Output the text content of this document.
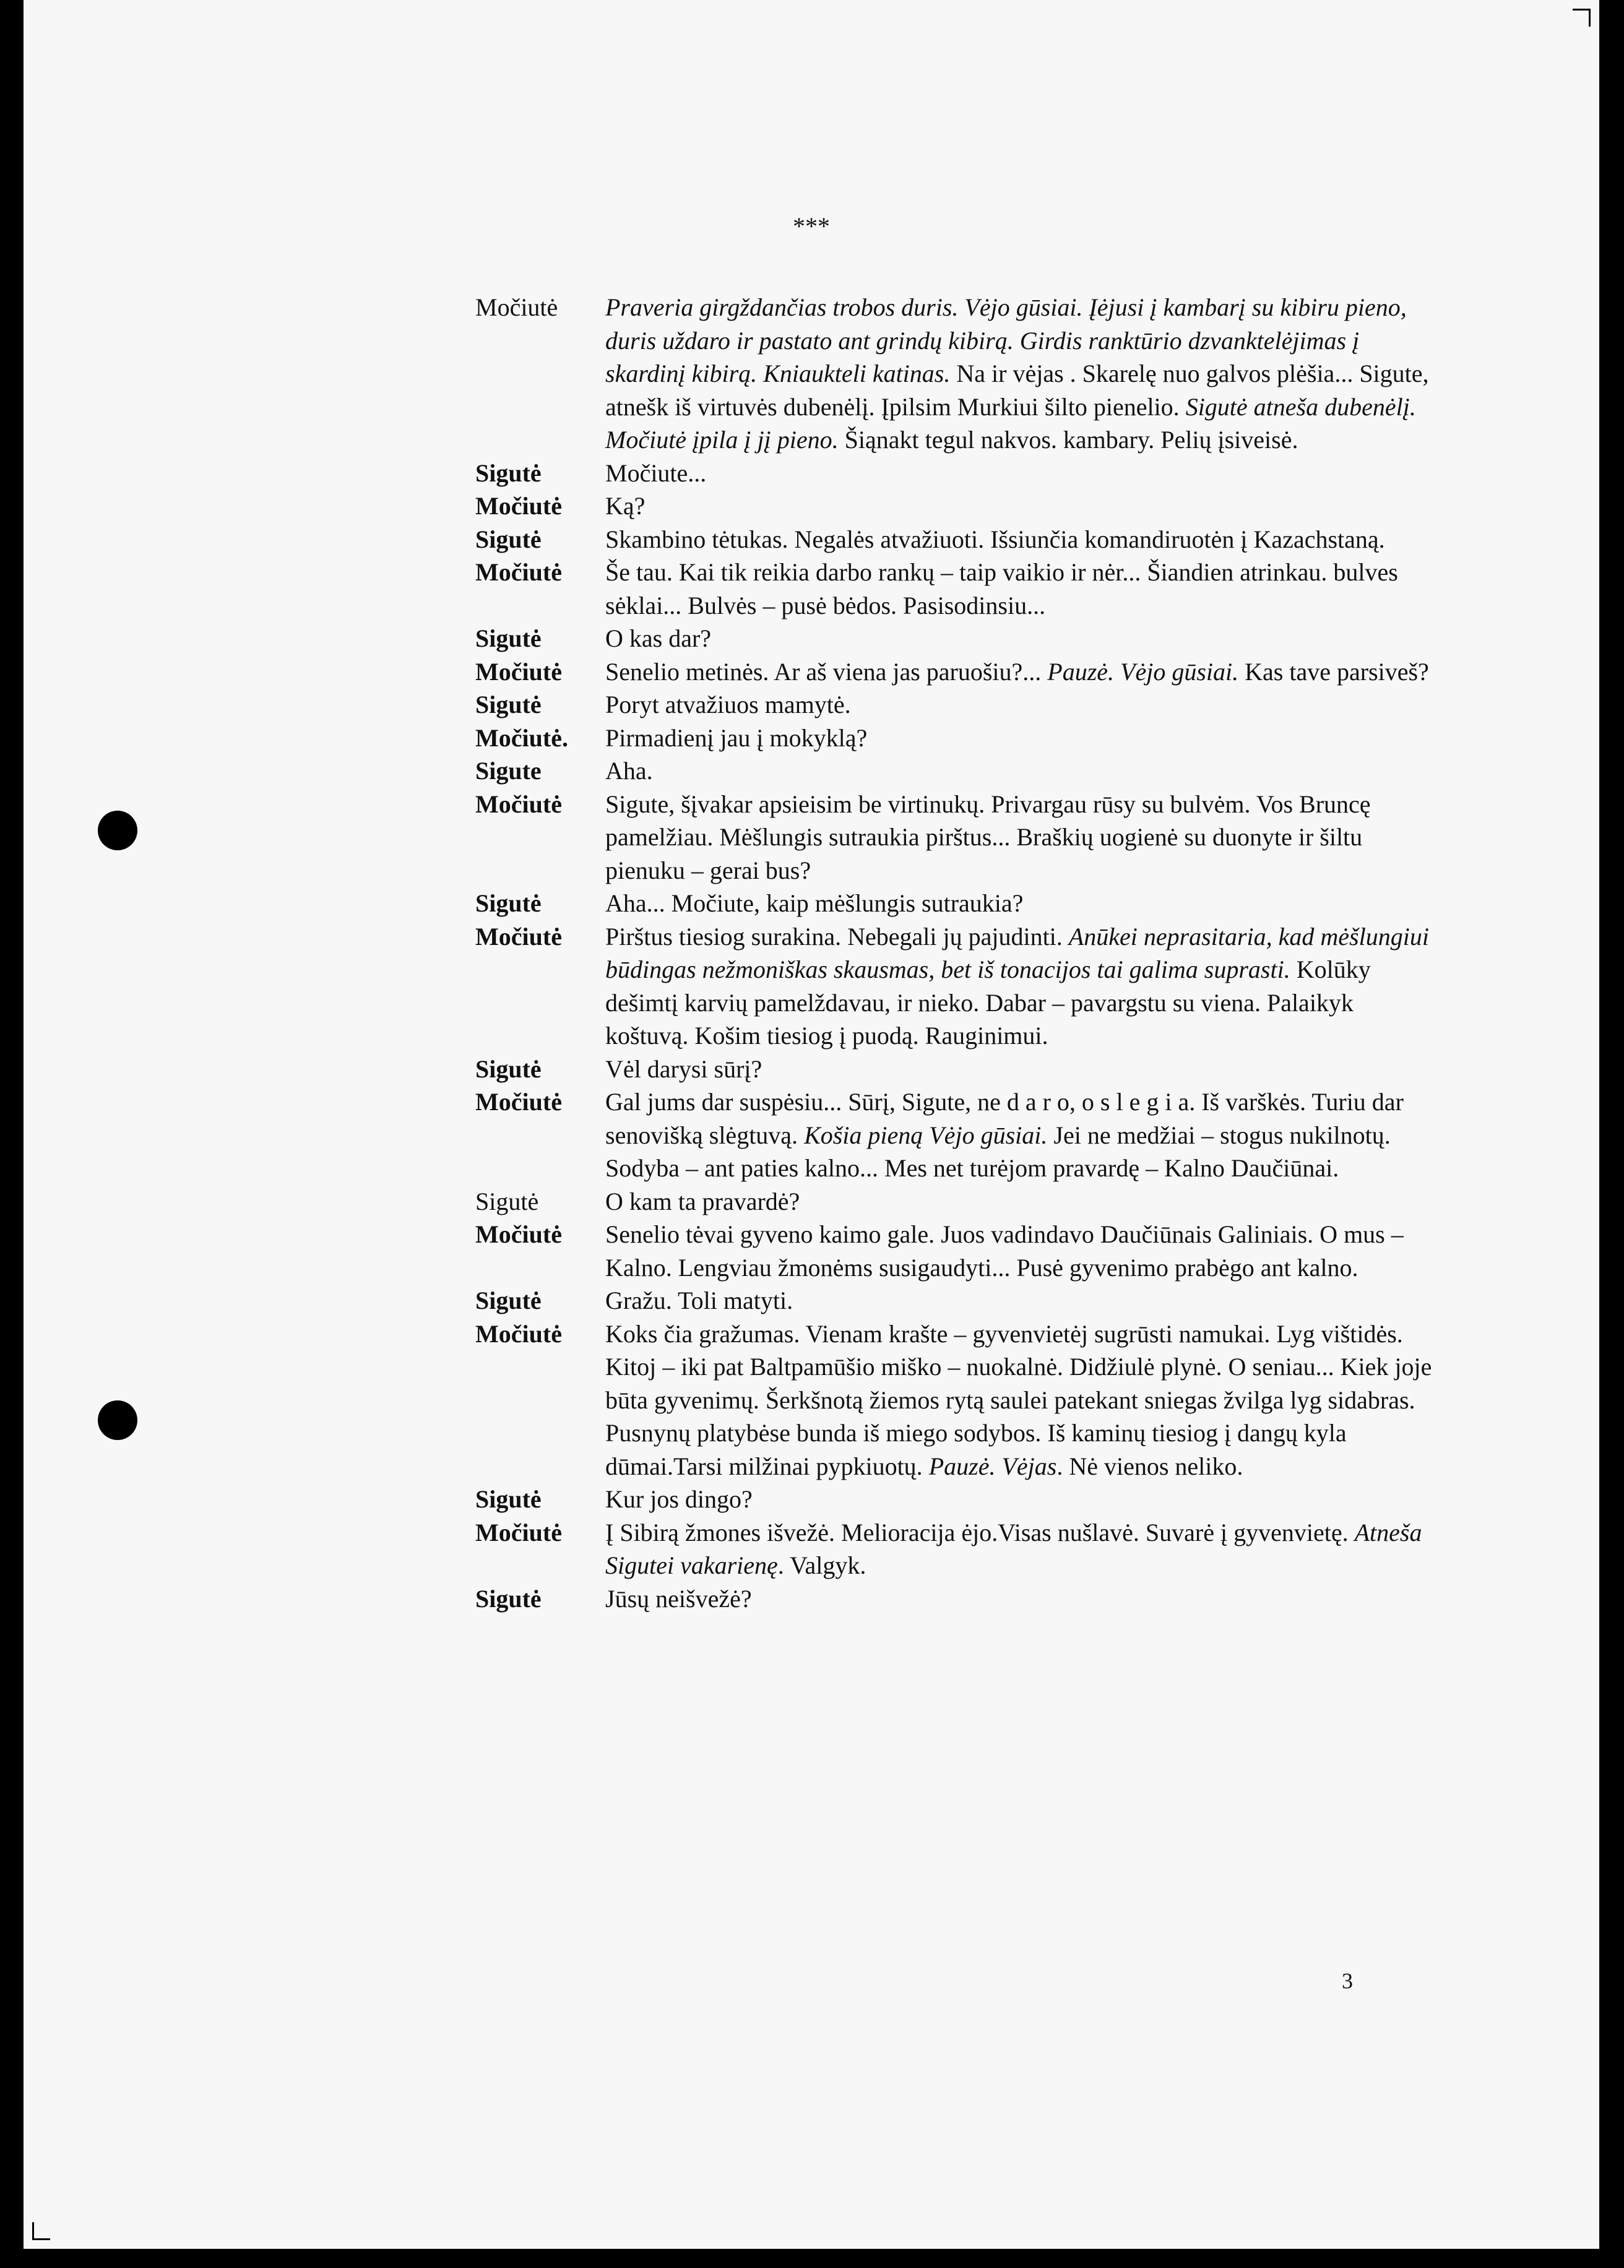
***
Močiutė	Praveria girgždančias trobos duris. Vėjo gūsiai. Įėjusi į kambarį su kibiru pieno, duris uždaro ir pastato ant grindų kibirą. Girdis ranktūrio dzvanktelėjimas į skardinį kibirą. Kniaukteli katinas. Na ir vėjas . Skarelę nuo galvos plėšia... Sigute, atnešk iš virtuvės dubenėlį. Įpilsim Murkiui šilto pienelio. Sigutė atneša dubenėlį. Močiutė įpila į jį pieno. Šiąnakt tegul nakvos. kambary. Pelių įsiveisė.
Sigutė	Močiute...
Močiutė	Ką?
Sigutė	Skambino tėtukas. Negalės atvažiuoti. Išsiunčia komandiruotėn į Kazachstaną.
Močiutė	Še tau. Kai tik reikia darbo rankų – taip vaikio ir nėr... Šiandien atrinkau. bulves sėklai... Bulvės – pusė bėdos. Pasisodinsiu...
Sigutė	O kas dar?
Močiutė	Senelio metinės. Ar aš viena jas paruošiu?... Pauzė. Vėjo gūsiai. Kas tave parsiveš?
Sigutė	Poryt atvažiuos mamytė.
Močiutė.	Pirmadienį jau į mokyklą?
Sigute	Aha.
Močiutė	Sigute, šįvakar apsieisim be virtinukų. Privargau rūsy su bulvėm. Vos Bruncę pamelžiau. Mėšlungis sutraukia pirštus... Braškių uogienė su duonyte ir šiltu pienuku – gerai bus?
Sigutė	Aha... Močiute, kaip mėšlungis sutraukia?
Močiutė	Pirštus tiesiog surakina. Nebegali jų pajudinti. Anūkei neprasitaria, kad mėšlungiui būdingas nežmoniškas skausmas, bet iš tonacijos tai galima suprasti. Kolūky dešimtį karvių pamelždavau, ir nieko. Dabar – pavargstu su viena. Palaikyk koštuvą. Košim tiesiog į puodą. Rauginimui.
Sigutė	Vėl darysi sūrį?
Močiutė	Gal jums dar suspėsiu... Sūrį, Sigute, ne d a r o, o s l e g i a. Iš varškės. Turiu dar senovišką slėgtuvą. Košia pieną Vėjo gūsiai. Jei ne medžiai – stogus nukilnotų. Sodyba – ant paties kalno... Mes net turėjom pravardę – Kalno Daučiūnai.
Sigutė	O kam ta pravardė?
Močiutė	Senelio tėvai gyveno kaimo gale. Juos vadindavo Daučiūnais Galiniais. O mus – Kalno. Lengviau žmonėms susigaudyti... Pusė gyvenimo prabėgo ant kalno.
Sigutė	Gražu. Toli matyti.
Močiutė	Koks čia gražumas. Vienam krašte – gyvenvietėj sugrūsti namukai. Lyg vištidės. Kitoj – iki pat Baltpamūšio miško – nuokalnė. Didžiulė plynė. O seniau... Kiek joje būta gyvenimų. Šerkšnotą žiemos rytą saulei patekant sniegas žvilga lyg sidabras. Pusnynų platybėse bunda iš miego sodybos. Iš kaminų tiesiog į dangų kyla dūmai.Tarsi milžinai pypkiuotų. Pauzė. Vėjas. Nė vienos neliko.
Sigutė	Kur jos dingo?
Močiutė	Į Sibirą žmones išvežė. Melioracija ėjo.Visas nušlavė. Suvarė į gyvenvietę. Atneša Sigutei vakarienę. Valgyk.
Sigutė	Jūsų neišvežė?
3
